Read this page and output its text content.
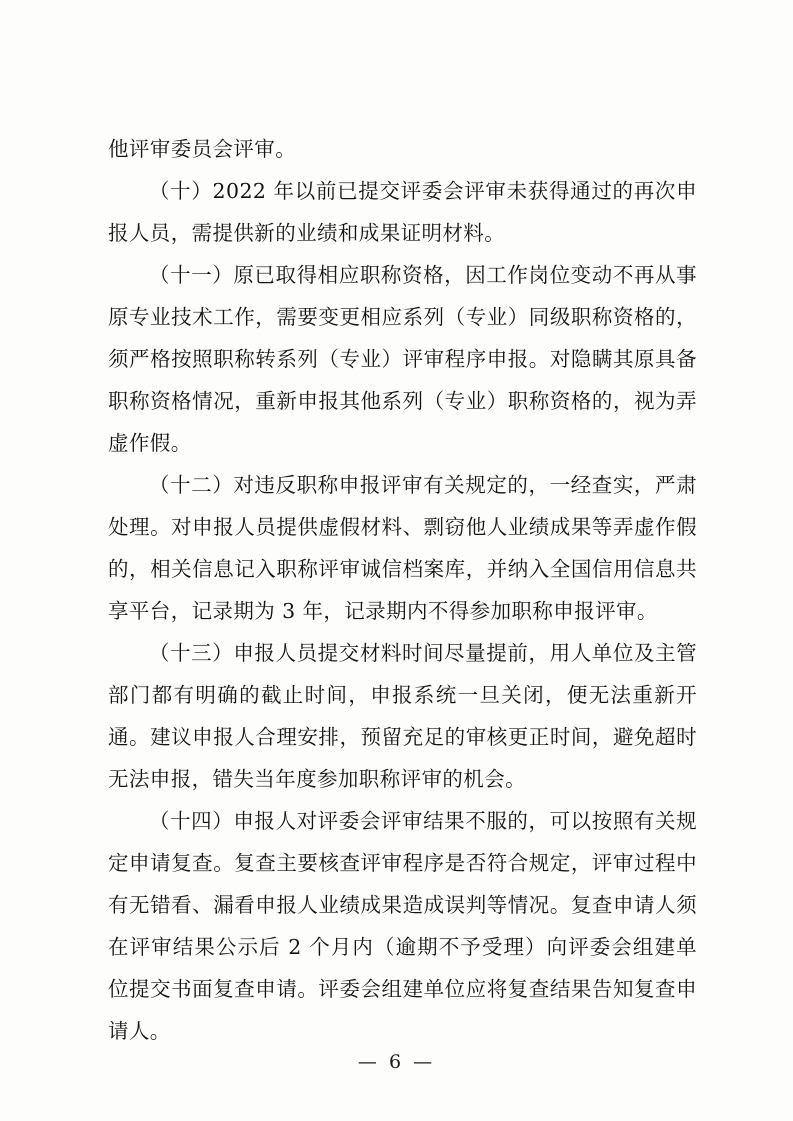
他评审委员会评审。

（十）2022 年以前已提交评委会评审未获得通过的再次申报人员，需提供新的业绩和成果证明材料。

（十一）原已取得相应职称资格，因工作岗位变动不再从事原专业技术工作，需要变更相应系列（专业）同级职称资格的，须严格按照职称转系列（专业）评审程序申报。对隐瞒其原具备职称资格情况，重新申报其他系列（专业）职称资格的，视为弄虚作假。

（十二）对违反职称申报评审有关规定的，一经查实，严肃处理。对申报人员提供虚假材料、剽窃他人业绩成果等弄虚作假的，相关信息记入职称评审诚信档案库，并纳入全国信用信息共享平台，记录期为 3 年，记录期内不得参加职称申报评审。

（十三）申报人员提交材料时间尽量提前，用人单位及主管部门都有明确的截止时间，申报系统一旦关闭，便无法重新开通。建议申报人合理安排，预留充足的审核更正时间，避免超时无法申报，错失当年度参加职称评审的机会。

（十四）申报人对评委会评审结果不服的，可以按照有关规定申请复查。复查主要核查评审程序是否符合规定，评审过程中有无错看、漏看申报人业绩成果造成误判等情况。复查申请人须在评审结果公示后 2 个月内（逾期不予受理）向评委会组建单位提交书面复查申请。评委会组建单位应将复查结果告知复查申请人。

— 6 —
